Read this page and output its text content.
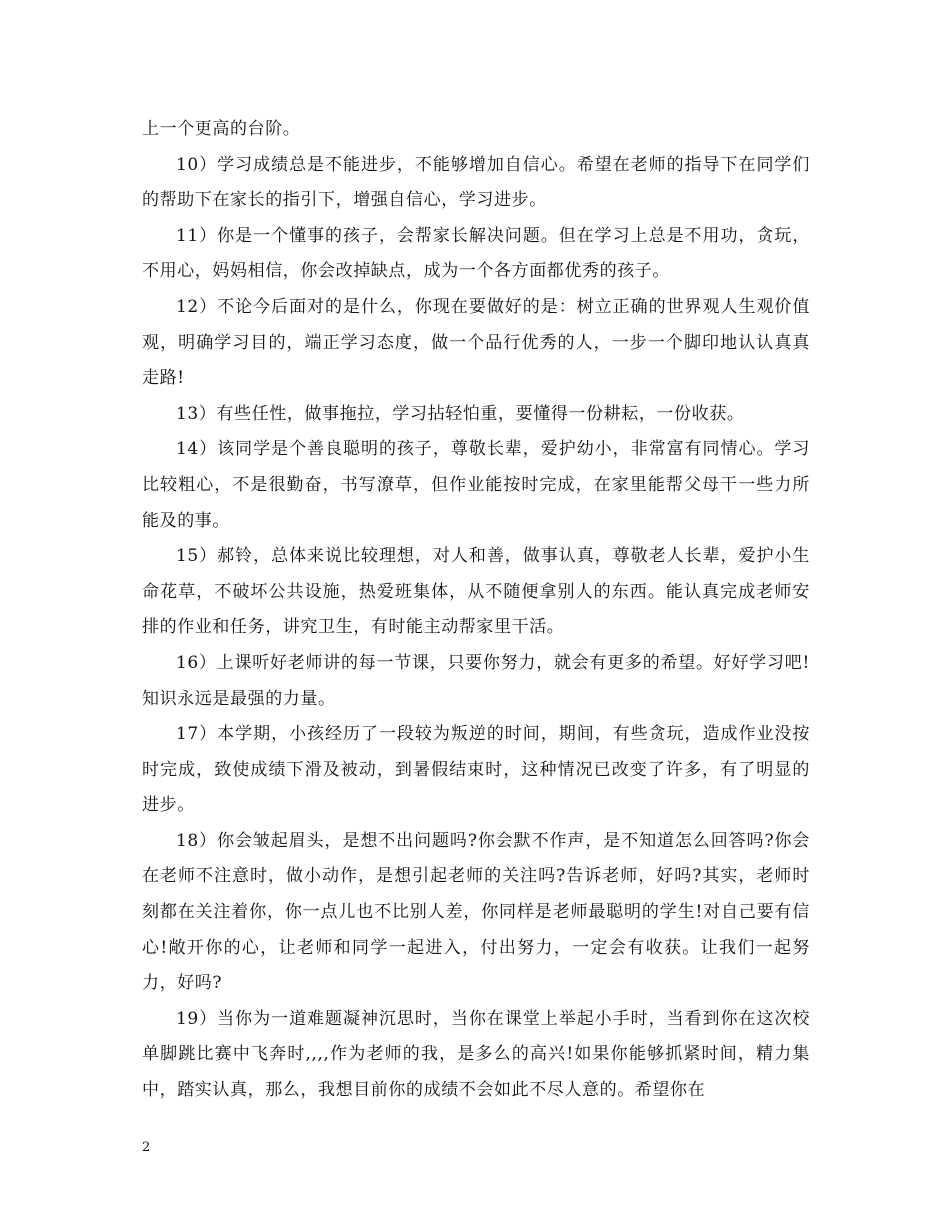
上一个更高的台阶。

10）学习成绩总是不能进步，不能够增加自信心。希望在老师的指导下在同学们的帮助下在家长的指引下，增强自信心，学习进步。

11）你是一个懂事的孩子，会帮家长解决问题。但在学习上总是不用功，贪玩，不用心，妈妈相信，你会改掉缺点，成为一个各方面都优秀的孩子。

12）不论今后面对的是什么，你现在要做好的是：树立正确的世界观人生观价值观，明确学习目的，端正学习态度，做一个品行优秀的人，一步一个脚印地认认真真走路!

13）有些任性，做事拖拉，学习拈轻怕重，要懂得一份耕耘，一份收获。

14）该同学是个善良聪明的孩子，尊敬长辈，爱护幼小，非常富有同情心。学习比较粗心，不是很勤奋，书写潦草，但作业能按时完成，在家里能帮父母干一些力所能及的事。

15）郝铃，总体来说比较理想，对人和善，做事认真，尊敬老人长辈，爱护小生命花草，不破坏公共设施，热爱班集体，从不随便拿别人的东西。能认真完成老师安排的作业和任务，讲究卫生，有时能主动帮家里干活。

16）上课听好老师讲的每一节课，只要你努力，就会有更多的希望。好好学习吧!知识永远是最强的力量。

17）本学期，小孩经历了一段较为叛逆的时间，期间，有些贪玩，造成作业没按时完成，致使成绩下滑及被动，到暑假结束时，这种情况已改变了许多，有了明显的进步。

18）你会皱起眉头，是想不出问题吗?你会默不作声，是不知道怎么回答吗?你会在老师不注意时，做小动作，是想引起老师的关注吗?告诉老师，好吗?其实，老师时刻都在关注着你，你一点儿也不比别人差，你同样是老师最聪明的学生!对自己要有信心!敞开你的心，让老师和同学一起进入，付出努力，一定会有收获。让我们一起努力，好吗?

19）当你为一道难题凝神沉思时，当你在课堂上举起小手时，当看到你在这次校单脚跳比赛中飞奔时,,,,作为老师的我，是多么的高兴!如果你能够抓紧时间，精力集中，踏实认真，那么，我想目前你的成绩不会如此不尽人意的。希望你在

2
